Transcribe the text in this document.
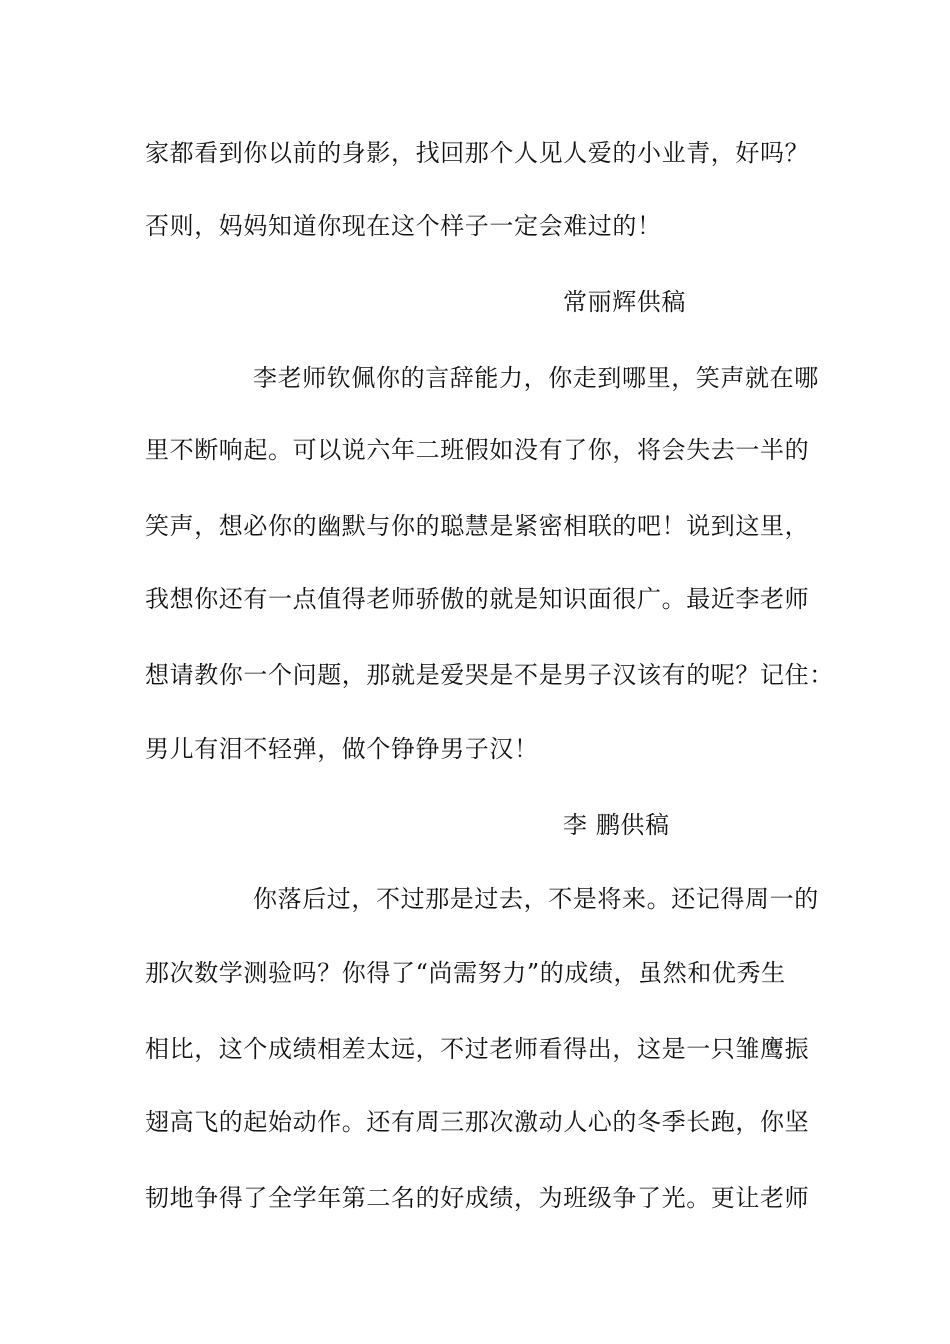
家都看到你以前的身影，找回那个人见人爱的小业青，好吗？
否则，妈妈知道你现在这个样子一定会难过的！
常丽辉供稿
李老师钦佩你的言辞能力，你走到哪里，笑声就在哪
里不断响起。可以说六年二班假如没有了你，将会失去一半的
笑声，想必你的幽默与你的聪慧是紧密相联的吧！说到这里，
我想你还有一点值得老师骄傲的就是知识面很广。最近李老师
想请教你一个问题，那就是爱哭是不是男子汉该有的呢？记住：
男儿有泪不轻弹，做个铮铮男子汉！
李 鹏供稿
你落后过，不过那是过去，不是将来。还记得周一的
那次数学测验吗？你得了“尚需努力”的成绩，虽然和优秀生
相比，这个成绩相差太远，不过老师看得出，这是一只雏鹰振
翅高飞的起始动作。还有周三那次激动人心的冬季长跑，你坚
韧地争得了全学年第二名的好成绩，为班级争了光。更让老师
